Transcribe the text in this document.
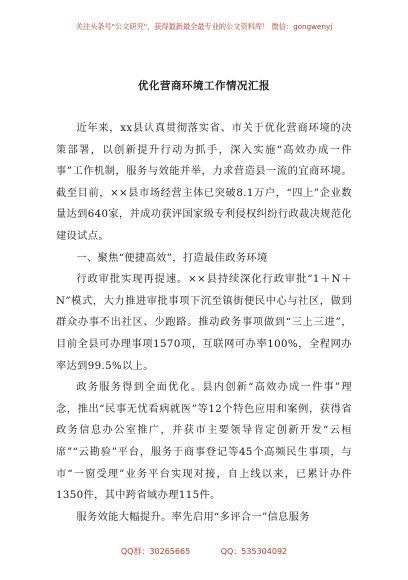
关注头条号"公文研究"，获得最新最全最专业的公文资料库！ 微信：gongwenyj
优化营商环境工作情况汇报

近年来，xx县认真贯彻落实省、市关于优化营商环境的决策部署，以创新提升行动为抓手，深入实施“高效办成一件事”工作机制，服务与效能并举，力求营造县一流的宜商环境。截至目前，××县市场经营主体已突破8.1万户，“四上”企业数量达到640家，并成功获评国家级专利侵权纠纷行政裁决规范化建设试点。

一、聚焦“便捷高效”，打造最佳政务环境

行政审批实现再提速。××县持续深化行政审批“1＋N＋N”模式，大力推进审批事项下沉至镇街便民中心与社区，做到群众办事不出社区、少跑路。推动政务事项做到“三上三进”，目前全县可办理事项1570项，互联网可办率100%，全程网办率达到99.5%以上。

政务服务得到全面优化。县内创新“高效办成一件事”理念，推出“民事无忧看病就医”等12个特色应用和案例，获得省政务信息办公室推广，并获市主要领导肯定创新开发“云桓席”“云勘验”平台，服务于商事登记等45个高频民生事项，与市“一窗受理”业务平台实现对接，自上线以来，已累计办件1350件，其中跨省域办理115件。

服务效能大幅提升。率先启用“多评合一”信息服务

QQ群：30265665	QQ：535304092
